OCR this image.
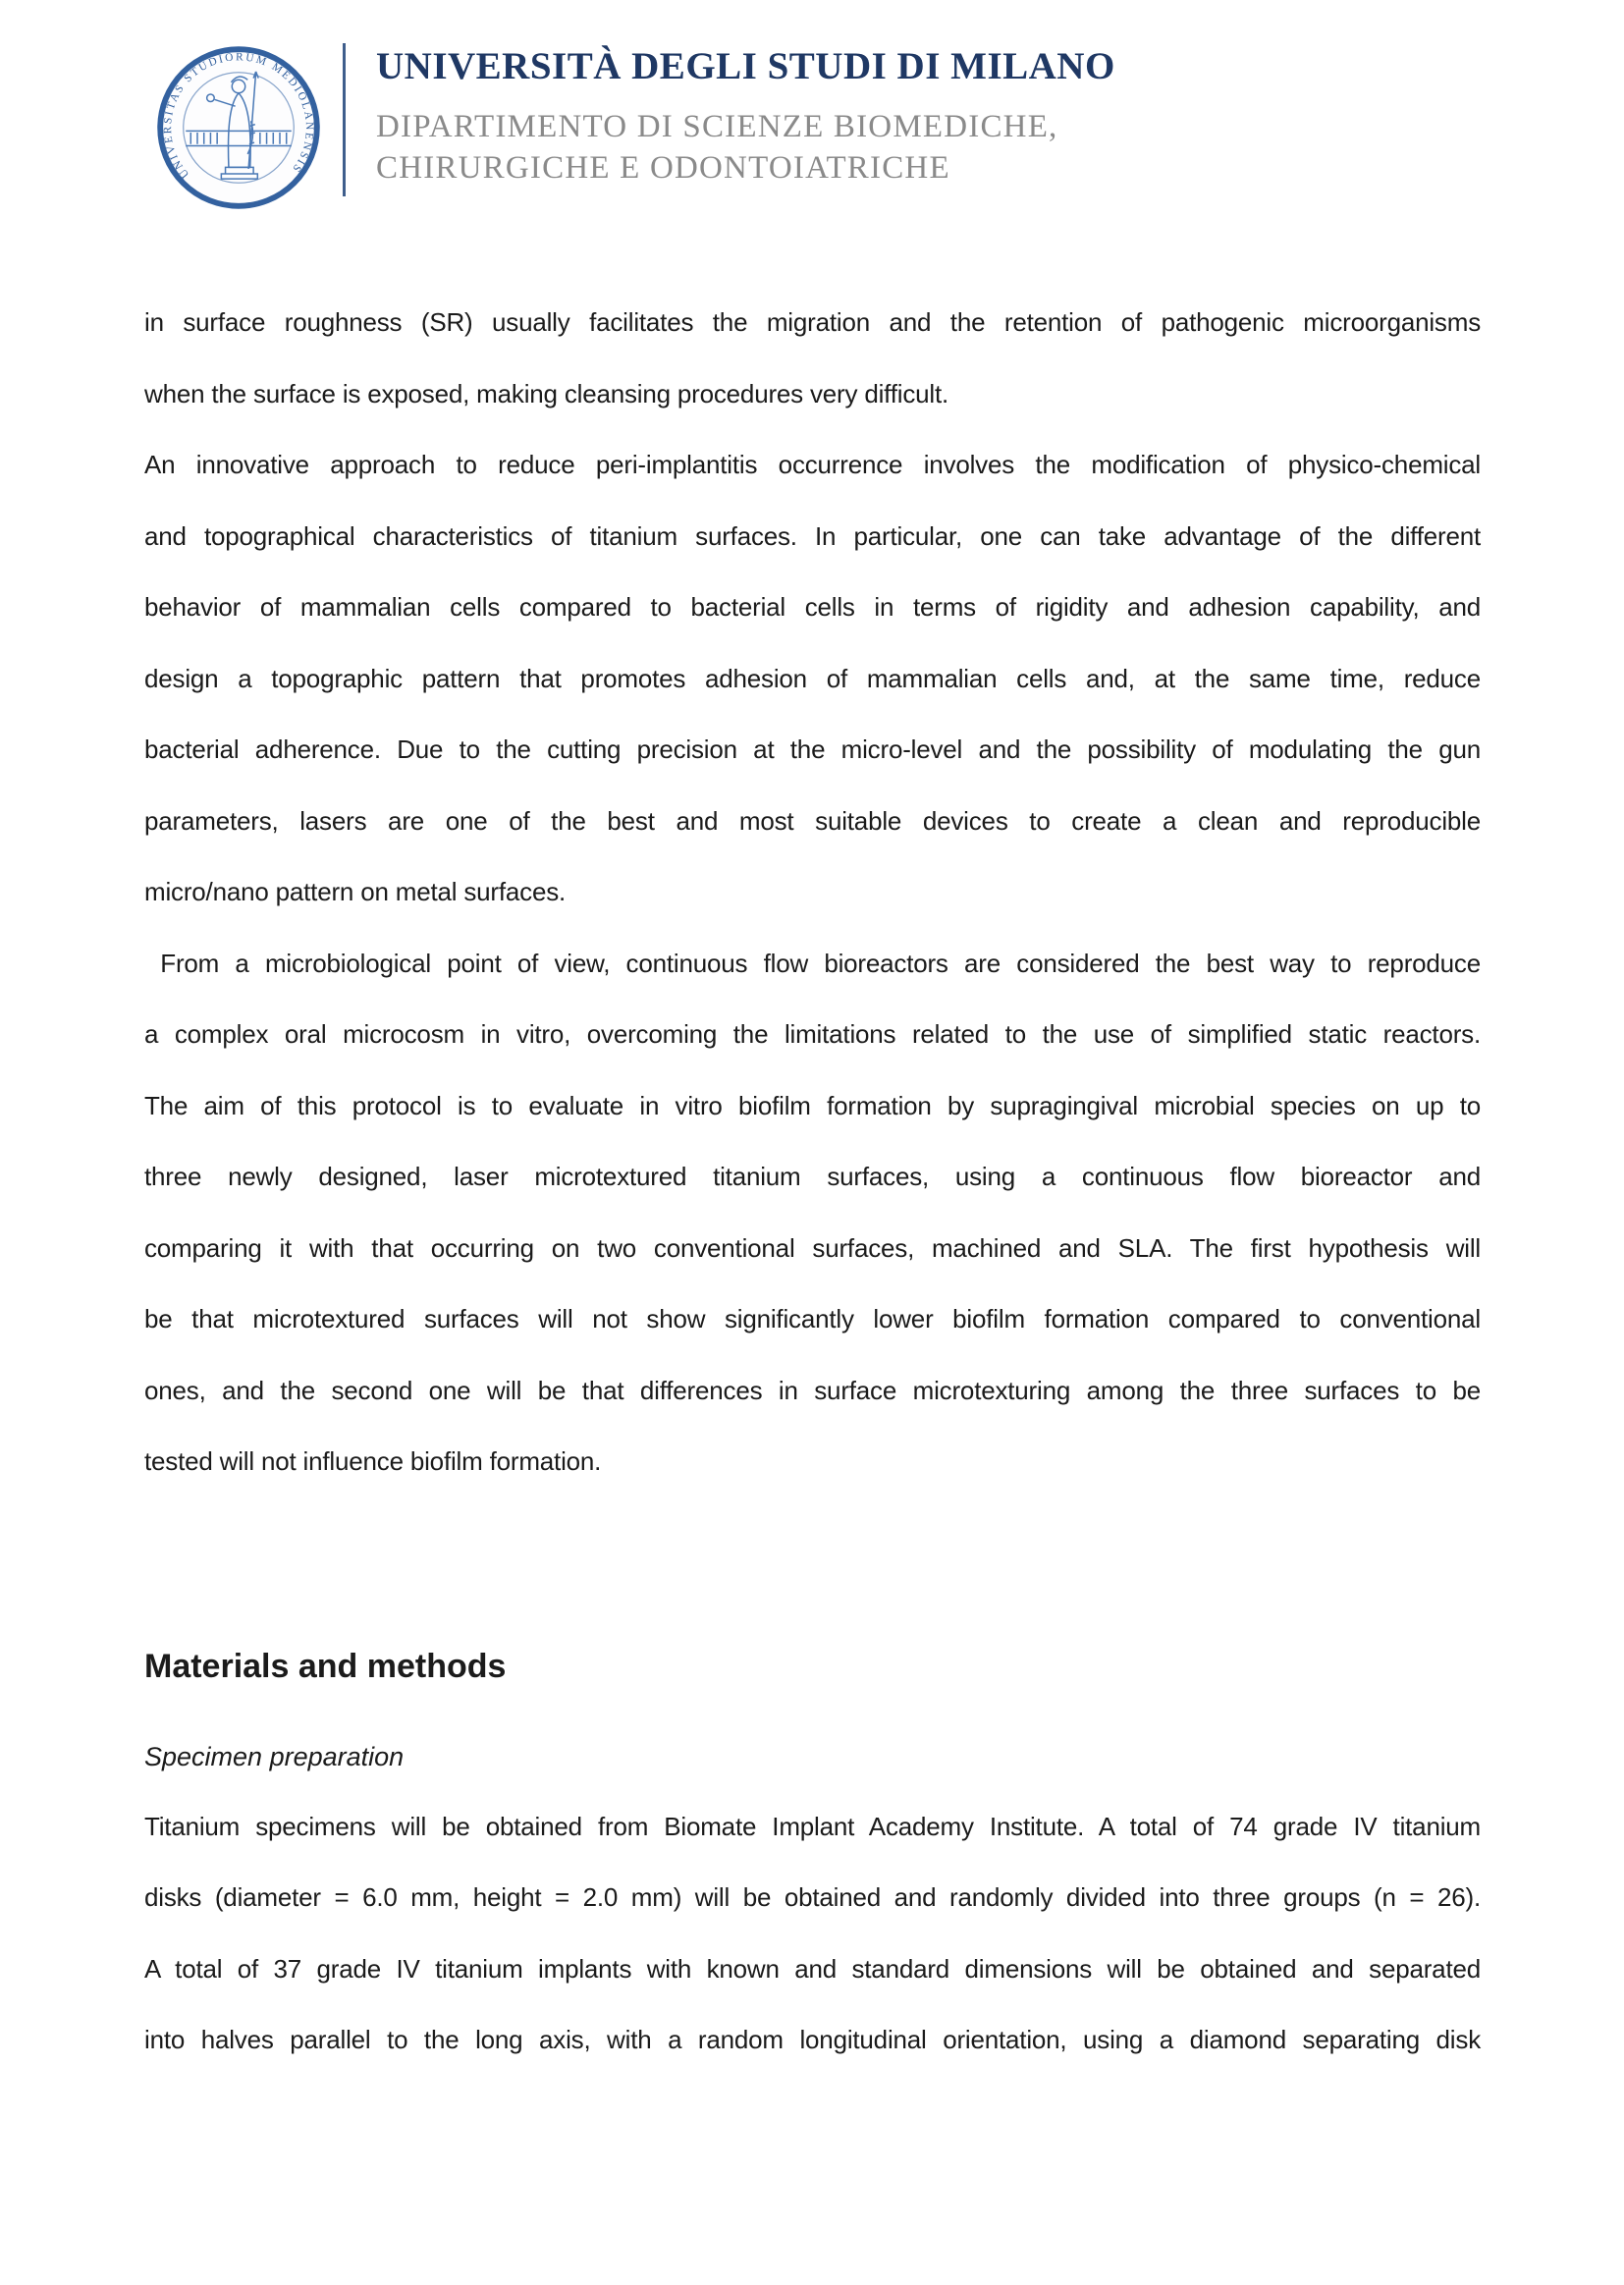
UNIVERSITAS STUDIORUM MEDIOLANENSIS
UNIVERSITÀ DEGLI STUDI DI MILANO
DIPARTIMENTO DI SCIENZE BIOMEDICHE,
CHIRURGICHE E ODONTOIATRICHE
in surface roughness (SR) usually facilitates the migration and the retention of pathogenic microorganisms
when the surface is exposed, making cleansing procedures very difficult.
An innovative approach to reduce peri-implantitis occurrence involves the modification of physico-chemical
and topographical characteristics of titanium surfaces. In particular, one can take advantage of the different
behavior of mammalian cells compared to bacterial cells in terms of rigidity and adhesion capability, and
design a topographic pattern that promotes adhesion of mammalian cells and, at the same time, reduce
bacterial adherence. Due to the cutting precision at the micro-level and the possibility of modulating the gun
parameters, lasers are one of the best and most suitable devices to create a clean and reproducible
micro/nano pattern on metal surfaces.
From a microbiological point of view, continuous flow bioreactors are considered the best way to reproduce
a complex oral microcosm in vitro, overcoming the limitations related to the use of simplified static reactors.
The aim of this protocol is to evaluate in vitro biofilm formation by supragingival microbial species on up to
three newly designed, laser microtextured titanium surfaces, using a continuous flow bioreactor and
comparing it with that occurring on two conventional surfaces, machined and SLA. The first hypothesis will
be that microtextured surfaces will not show significantly lower biofilm formation compared to conventional
ones, and the second one will be that differences in surface microtexturing among the three surfaces to be
tested will not influence biofilm formation.
Materials and methods
Specimen preparation
Titanium specimens will be obtained from Biomate Implant Academy Institute. A total of 74 grade IV titanium
disks (diameter = 6.0 mm, height = 2.0 mm) will be obtained and randomly divided into three groups (n = 26).
A total of 37 grade IV titanium implants with known and standard dimensions will be obtained and separated
into halves parallel to the long axis, with a random longitudinal orientation, using a diamond separating disk
